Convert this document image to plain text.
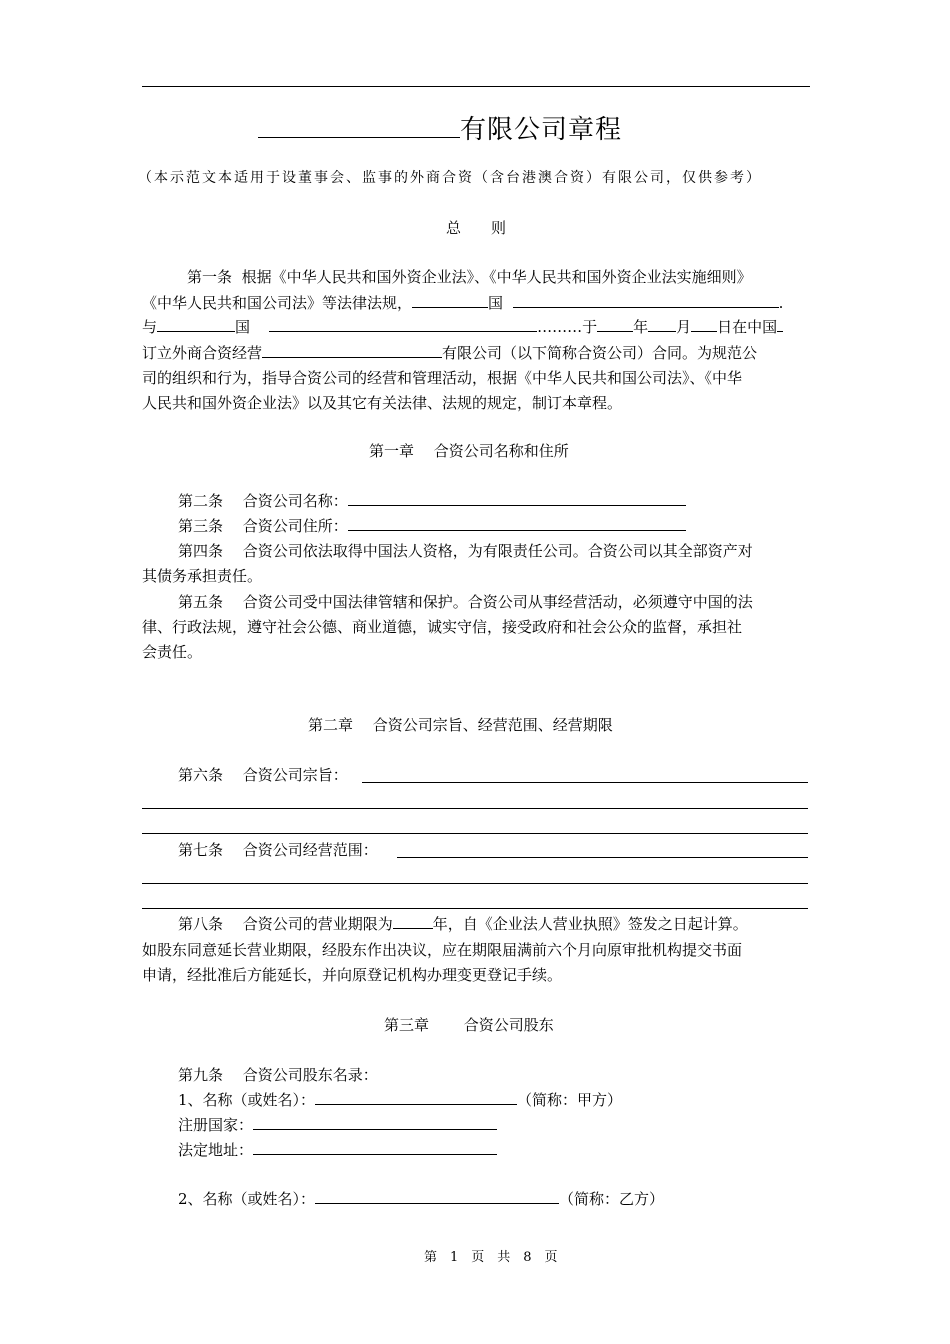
有限公司章程
（本示范文本适用于设董事会、监事的外商合资（含台港澳合资）有限公司，仅供参考）
总　　则
第一条 根据《中华人民共和国外资企业法》、《中华人民共和国外资企业法实施细则》
《中华人民共和国公司法》等法律法规，	国	.
与	国	………于 年 月 日在中国
订立外商合资经营	有限公司（以下简称合资公司）合同。为规范公
司的组织和行为，指导合资公司的经营和管理活动，根据《中华人民共和国公司法》、《中华
人民共和国外资企业法》以及其它有关法律、法规的规定，制订本章程。
第一章　 合资公司名称和住所
第二条　 合资公司名称：
第三条　 合资公司住所：
第四条　 合资公司依法取得中国法人资格，为有限责任公司。合资公司以其全部资产对
其债务承担责任。
第五条　 合资公司受中国法律管辖和保护。合资公司从事经营活动，必须遵守中国的法
律、行政法规，遵守社会公德、商业道德，诚实守信，接受政府和社会公众的监督，承担社
会责任。
第二章　 合资公司宗旨、经营范围、经营期限
第六条　 合资公司宗旨：
第七条　 合资公司经营范围：
第八条　 合资公司的营业期限为	年，自《企业法人营业执照》签发之日起计算。
如股东同意延长营业期限，经股东作出决议，应在期限届满前六个月向原审批机构提交书面
申请，经批准后方能延长，并向原登记机构办理变更登记手续。
第三章　　 合资公司股东
第九条　 合资公司股东名录：
1、名称（或姓名）：	（简称：甲方）
注册国家：
法定地址：
2、名称（或姓名）：	（简称：乙方）
第　1　页　共　8　页
